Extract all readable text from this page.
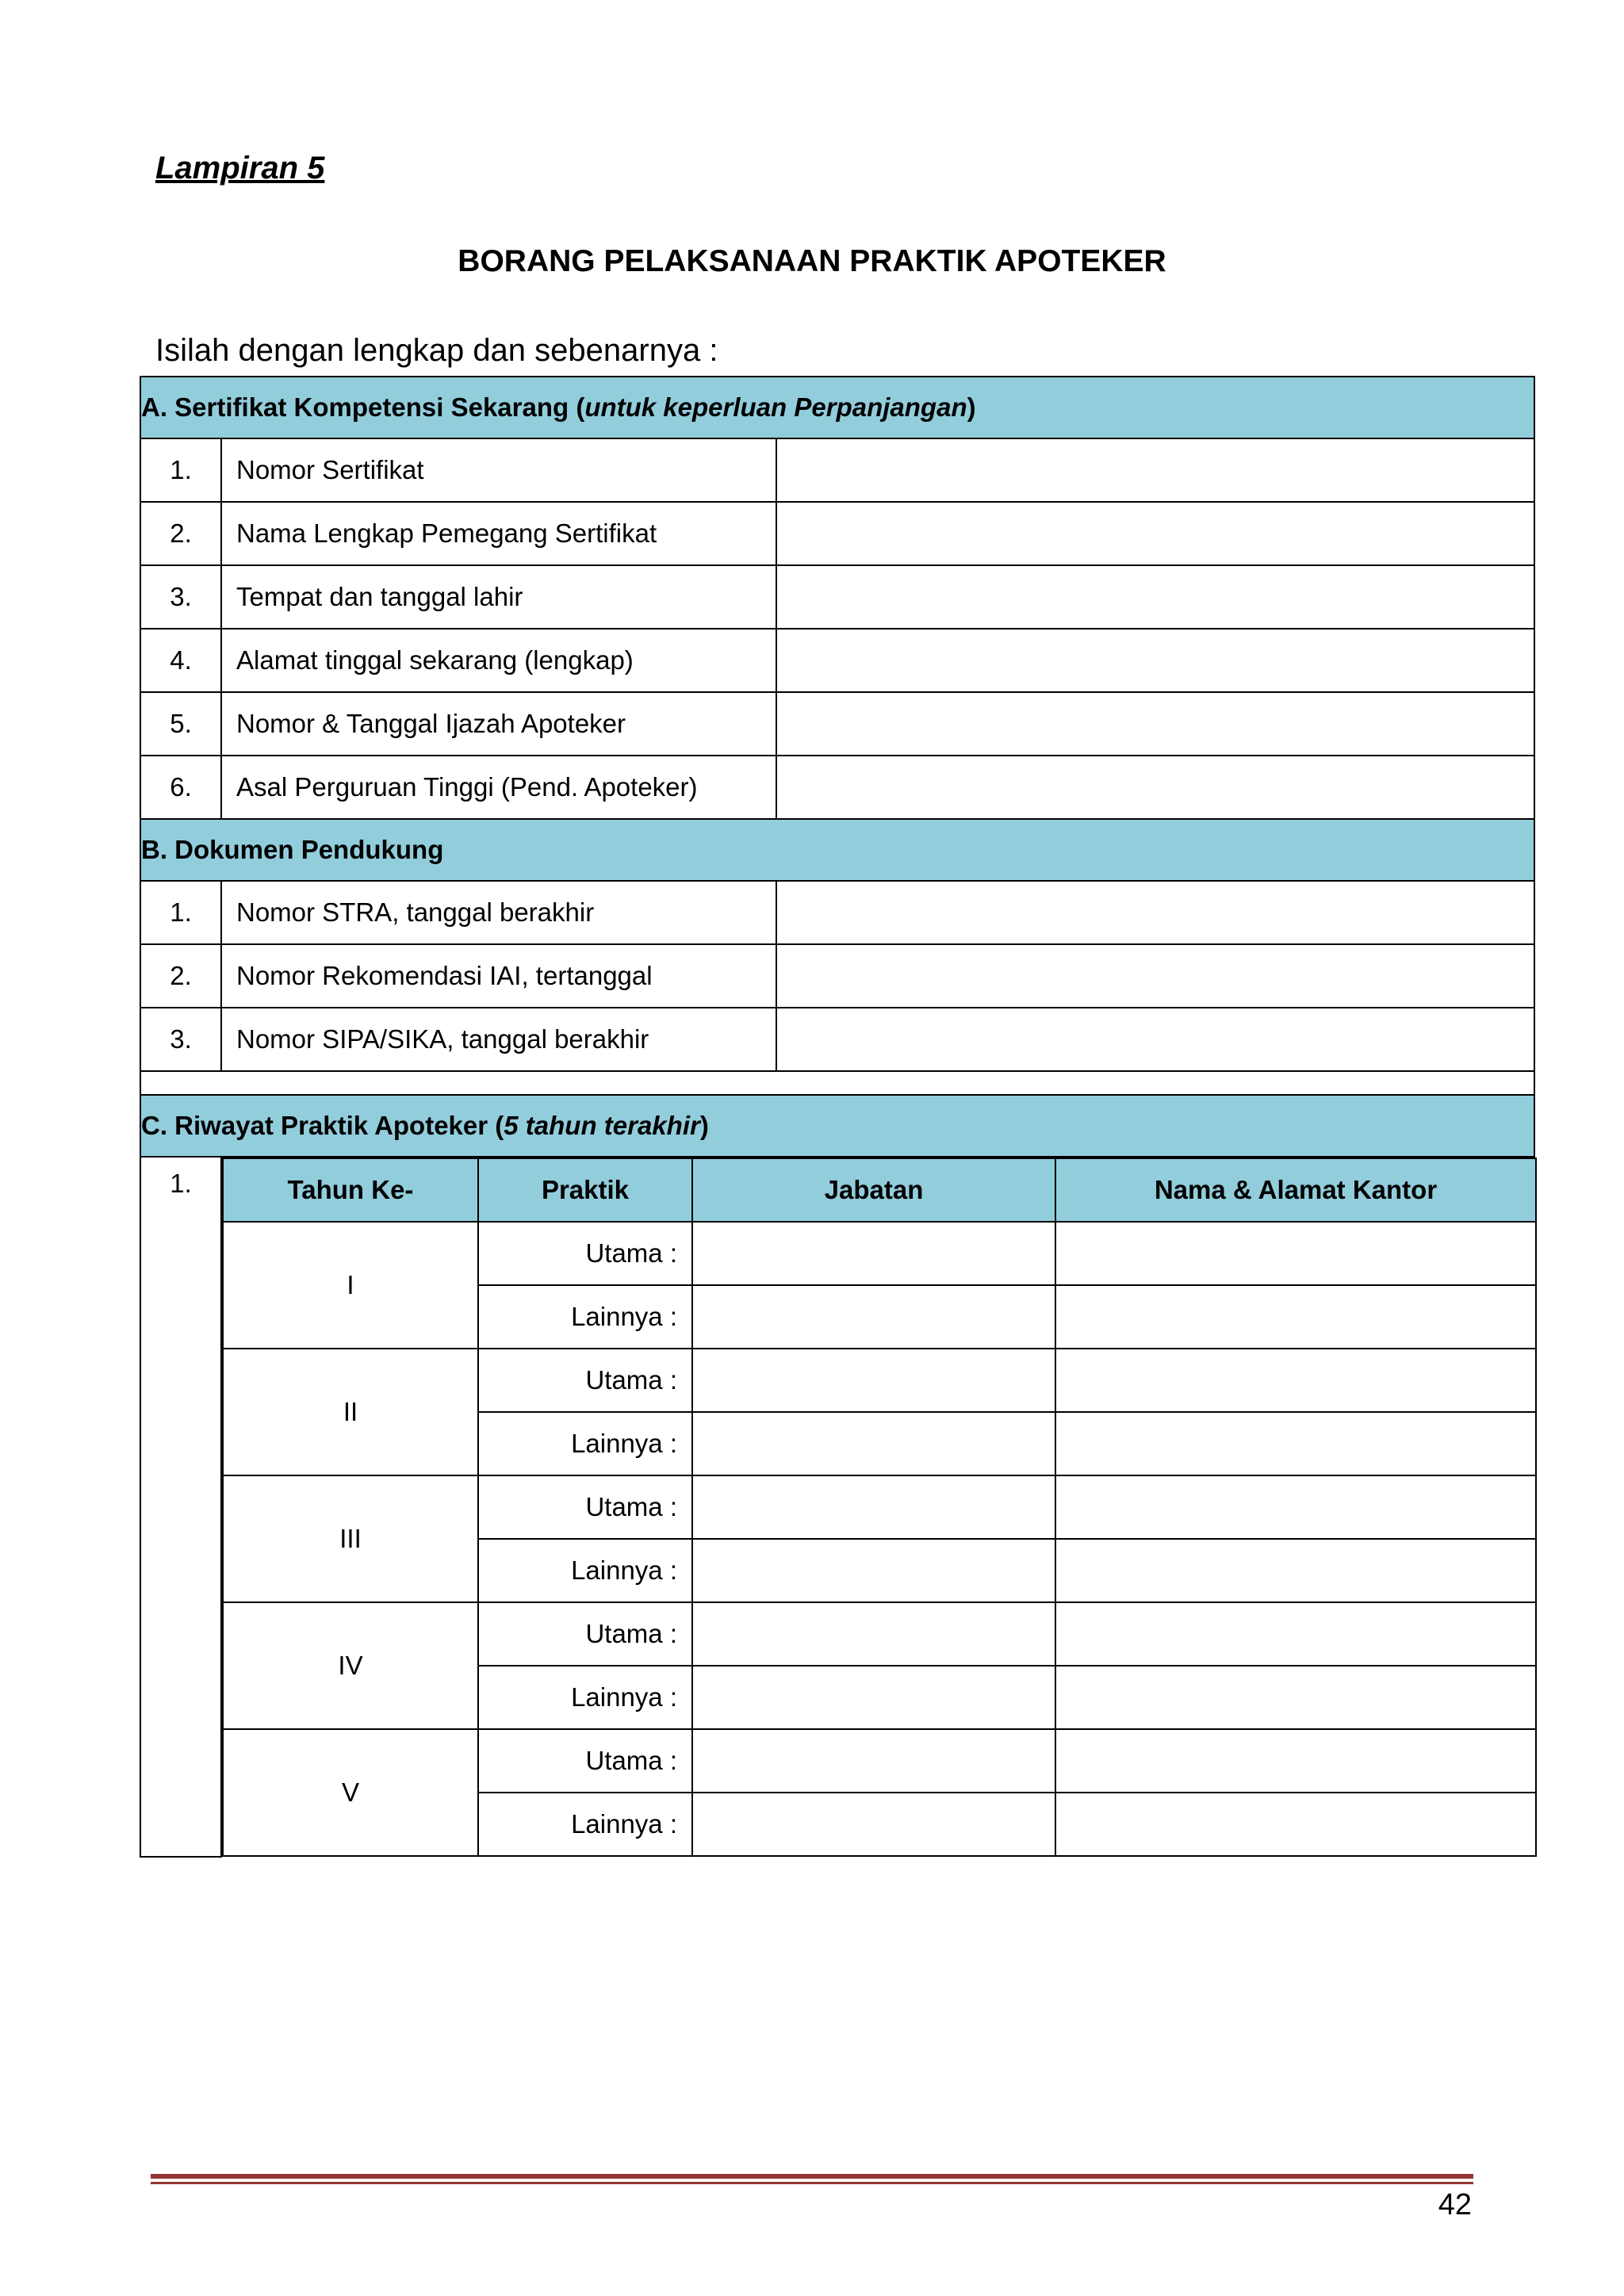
Lampiran 5
BORANG PELAKSANAAN PRAKTIK APOTEKER
Isilah dengan lengkap dan sebenarnya :
A. Sertifikat Kompetensi Sekarang (untuk keperluan Perpanjangan)
1.	Nomor Sertifikat	
2.	Nama Lengkap Pemegang Sertifikat	
3.	Tempat dan tanggal lahir	
4.	Alamat tinggal sekarang (lengkap)	
5.	Nomor & Tanggal Ijazah Apoteker	
6.	Asal Perguruan Tinggi (Pend. Apoteker)	
B. Dokumen Pendukung
1.	Nomor STRA, tanggal berakhir	
2.	Nomor Rekomendasi IAI, tertanggal	
3.	Nomor SIPA/SIKA, tanggal berakhir	

C. Riwayat Praktik Apoteker (5 tahun terakhir)
1.		Tahun Ke-	Praktik	Jabatan	Nama & Alamat Kantor
I	Utama :		
Lainnya :		
II	Utama :		
Lainnya :		
III	Utama :		
Lainnya :		
IV	Utama :		
Lainnya :		
V	Utama :		
Lainnya :		
42
